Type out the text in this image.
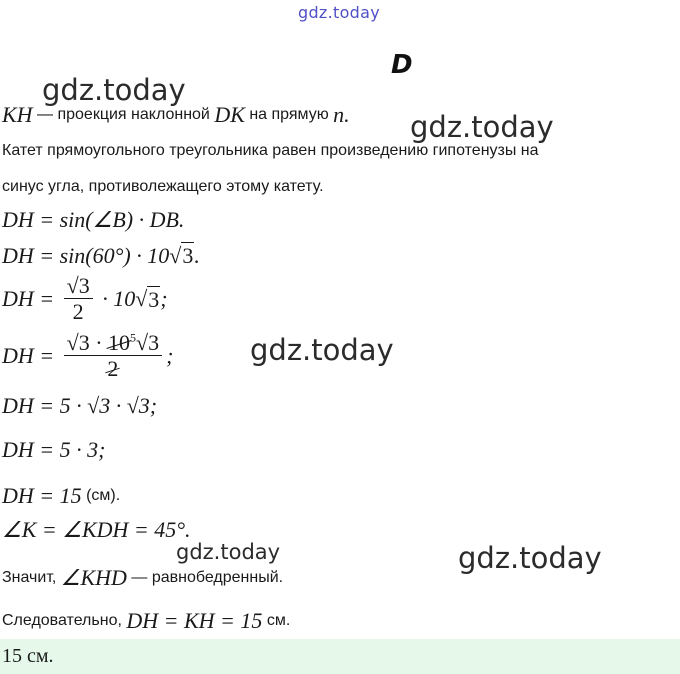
gdz.today
gdz.today
gdz.today
gdz.today
gdz.today	gdz.today
D
KH — проекция наклонной DK на прямую n.
Катет прямоугольного треугольника равен произведению гипотенузы на
синус угла, противолежащего этому катету.
DH = sin(∠B) · DB.
DH = sin(60°) · 10 √ 3 .
DH = $\frac{√3}{2} \cdot 10$ √ 3 ;
DH = $\frac{√3 \cdot 10^5√3}{2}$ ;
DH = 5 · √3 · √3;
DH = 5 · 3;
DH = 15 (см).
∠K = ∠KDH = 45°.
Значит, ∠KHD — равнобедренный.
Следовательно, DH = KH = 15 см.
15 см.
